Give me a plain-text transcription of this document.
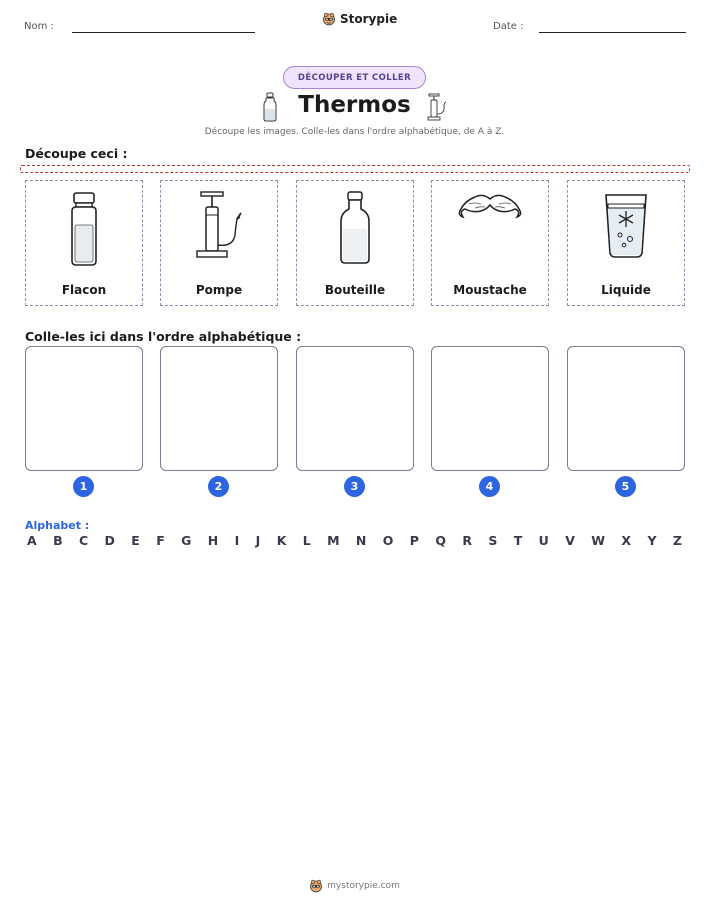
Nom :
Storypie
Date :
DÉCOUPER ET COLLER
Thermos
Découpe les images. Colle-les dans l'ordre alphabétique, de A à Z.
Découpe ceci :
Flacon	Pompe	Bouteille	Moustache	Liquide
Colle-les ici dans l'ordre alphabétique :
1	2	3	4	5
Alphabet :
A B C D E F G H I J K L M N O P Q R S T U V W X Y Z
mystorypie.com
